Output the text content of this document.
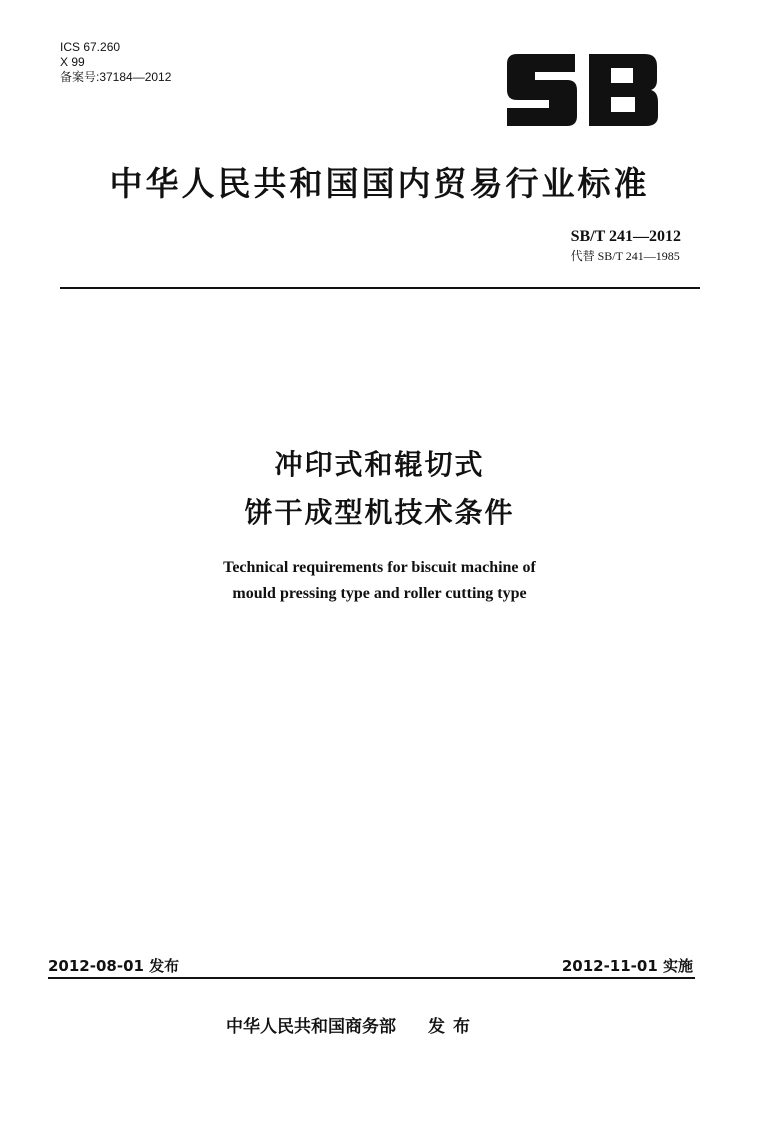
ICS 67.260
X 99
备案号:37184—2012
中华人民共和国国内贸易行业标准
SB/T 241—2012
代替 SB/T 241—1985
冲印式和辊切式
饼干成型机技术条件
Technical requirements for biscuit machine of
mould pressing type and roller cutting type
2012-08-01 发布	2012-11-01 实施
中华人民共和国商务部 发布
